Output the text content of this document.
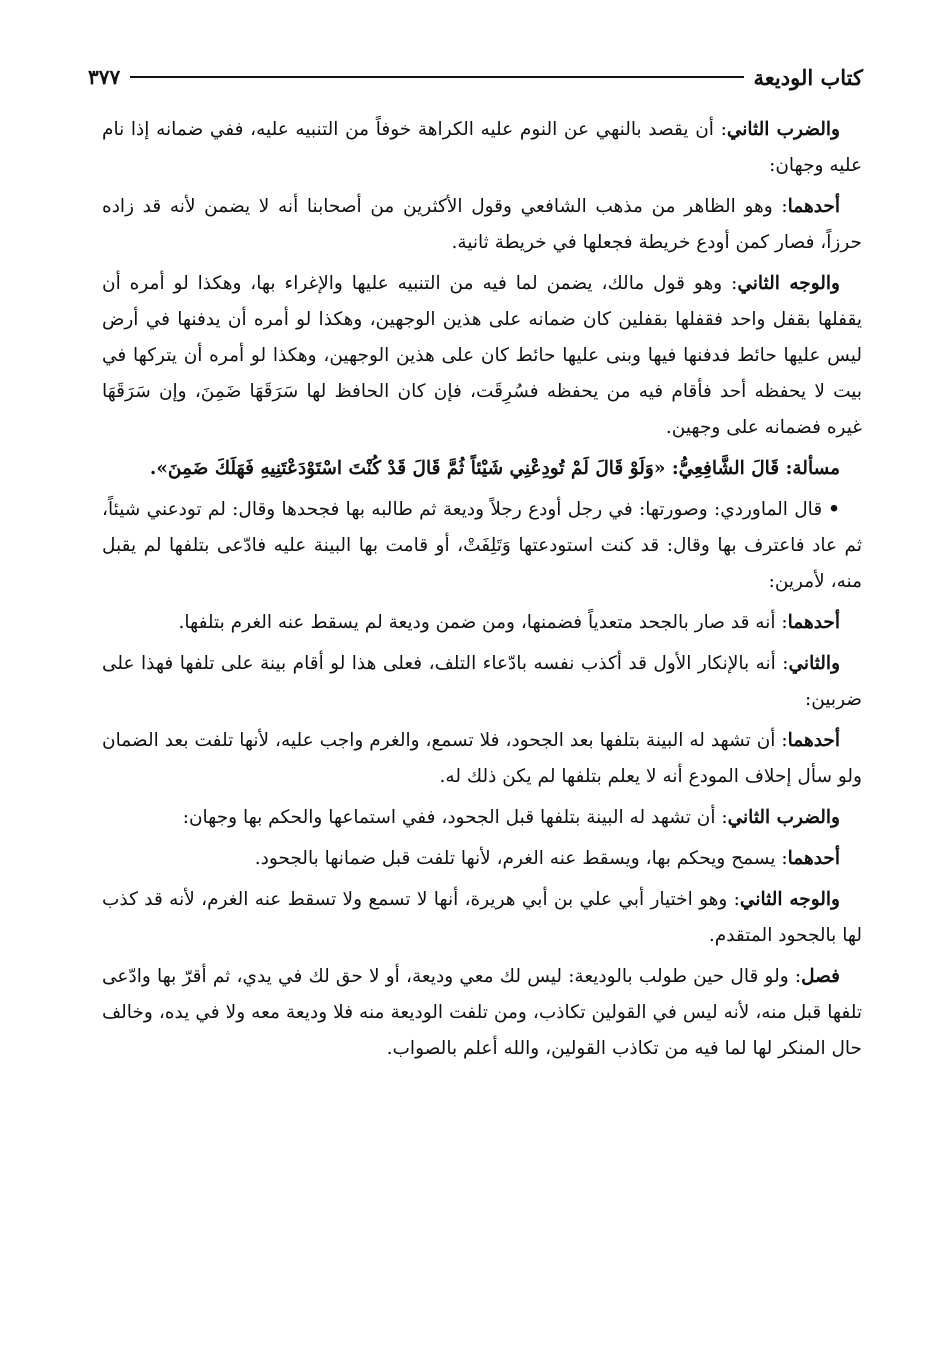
كتاب الوديعة
٣٧٧

والضرب الثاني: أن يقصد بالنهي عن النوم عليه الكراهة خوفاً من التنبيه عليه، ففي ضمانه إذا نام عليه وجهان:

أحدهما: وهو الظاهر من مذهب الشافعي وقول الأكثرين من أصحابنا أنه لا يضمن لأنه قد زاده حرزاً، فصار كمن أودع خريطة فجعلها في خريطة ثانية.

والوجه الثاني: وهو قول مالك، يضمن لما فيه من التنبيه عليها والإغراء بها، وهكذا لو أمره أن يقفلها بقفل واحد فقفلها بقفلين كان ضمانه على هذين الوجهين، وهكذا لو أمره أن يدفنها في أرض ليس عليها حائط فدفنها فيها وبنى عليها حائط كان على هذين الوجهين، وهكذا لو أمره أن يتركها في بيت لا يحفظه أحد فأقام فيه من يحفظه فسُرِقَت، فإن كان الحافظ لها سَرَقَهَا ضَمِنَ، وإن سَرَقَهَا غيره فضمانه على وجهين.

مسألة: قَالَ الشَّافِعِيُّ: «وَلَوْ قَالَ لَمْ تُودِعْنِي شَيْئاً ثُمَّ قَالَ قَدْ كُنْتَ اسْتَوْدَعْتَنِيهِ فَهَلَكَ ضَمِنَ».

•قال الماوردي: وصورتها: في رجل أودع رجلاً وديعة ثم طالبه بها فجحدها وقال: لم تودعني شيئاً، ثم عاد فاعترف بها وقال: قد كنت استودعتها وَتَلِفَتْ، أو قامت بها البينة عليه فادّعى بتلفها لم يقبل منه، لأمرين:

أحدهما: أنه قد صار بالجحد متعدياً فضمنها، ومن ضمن وديعة لم يسقط عنه الغرم بتلفها.

والثاني: أنه بالإنكار الأول قد أكذب نفسه بادّعاء التلف، فعلى هذا لو أقام بينة على تلفها فهذا على ضربين:

أحدهما: أن تشهد له البينة بتلفها بعد الجحود، فلا تسمع، والغرم واجب عليه، لأنها تلفت بعد الضمان ولو سأل إحلاف المودع أنه لا يعلم بتلفها لم يكن ذلك له.

والضرب الثاني: أن تشهد له البينة بتلفها قبل الجحود، ففي استماعها والحكم بها وجهان:

أحدهما: يسمح ويحكم بها، ويسقط عنه الغرم، لأنها تلفت قبل ضمانها بالجحود.

والوجه الثاني: وهو اختيار أبي علي بن أبي هريرة، أنها لا تسمع ولا تسقط عنه الغرم، لأنه قد كذب لها بالجحود المتقدم.

فصل: ولو قال حين طولب بالوديعة: ليس لك معي وديعة، أو لا حق لك في يدي، ثم أقرّ بها وادّعى تلفها قبل منه، لأنه ليس في القولين تكاذب، ومن تلفت الوديعة منه فلا وديعة معه ولا في يده، وخالف حال المنكر لها لما فيه من تكاذب القولين، والله أعلم بالصواب.
